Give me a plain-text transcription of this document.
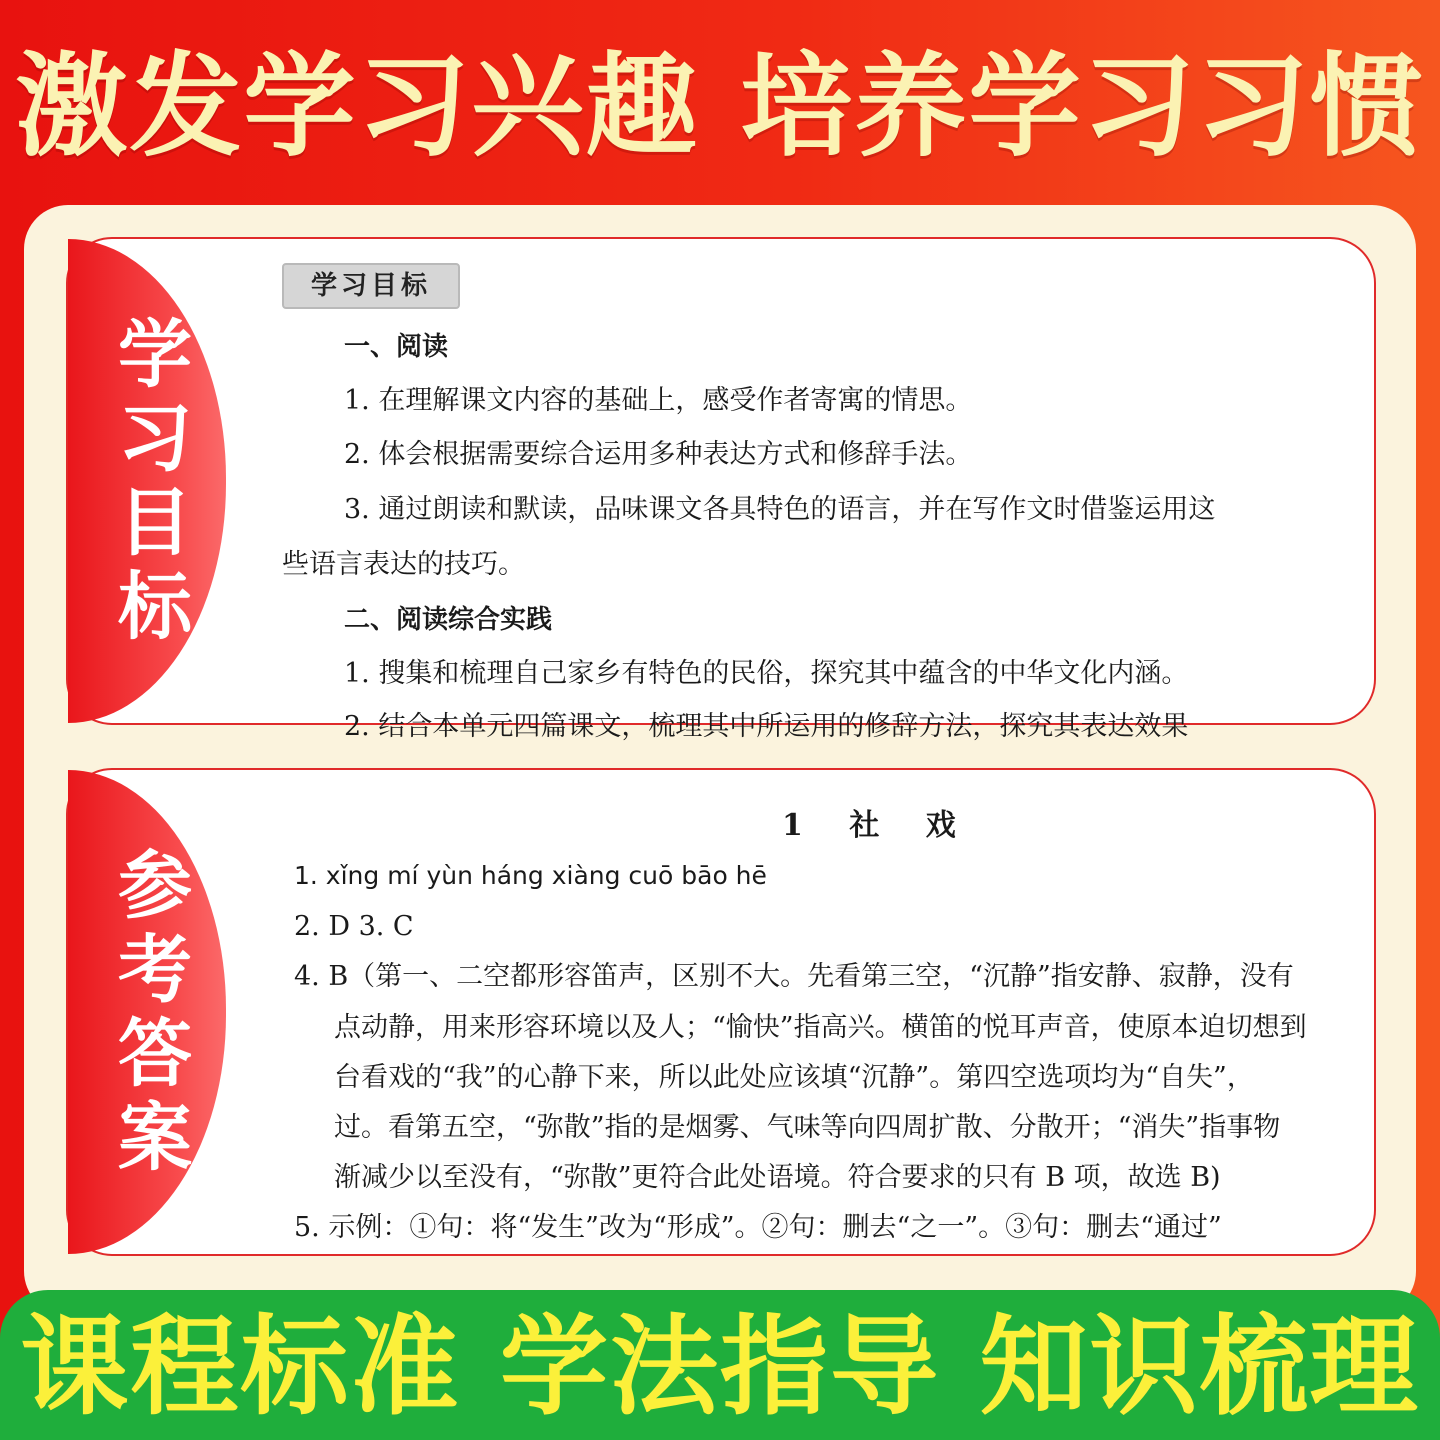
激发学习兴趣 培养学习习惯
学习目标
学习目标
一、阅读
1. 在理解课文内容的基础上，感受作者寄寓的情思。
2. 体会根据需要综合运用多种表达方式和修辞手法。
3. 通过朗读和默读，品味课文各具特色的语言，并在写作文时借鉴运用这
些语言表达的技巧。
二、阅读综合实践
1. 搜集和梳理自己家乡有特色的民俗，探究其中蕴含的中华文化内涵。
2. 结合本单元四篇课文，梳理其中所运用的修辞方法，探究其表达效果
参考答案
1 社 戏
1. xǐng mí yùn háng xiàng cuō bāo hē
2. D 3. C
4. B（第一、二空都形容笛声，区别不大。先看第三空，“沉静”指安静、寂静，没有
点动静，用来形容环境以及人；“愉快”指高兴。横笛的悦耳声音，使原本迫切想到
台看戏的“我”的心静下来，所以此处应该填“沉静”。第四空选项均为“自失”，
过。看第五空，“弥散”指的是烟雾、气味等向四周扩散、分散开；“消失”指事物
渐减少以至没有，“弥散”更符合此处语境。符合要求的只有 B 项，故选 B)
5. 示例：①句：将“发生”改为“形成”。②句：删去“之一”。③句：删去“通过”
课程标准 学法指导 知识梳理
